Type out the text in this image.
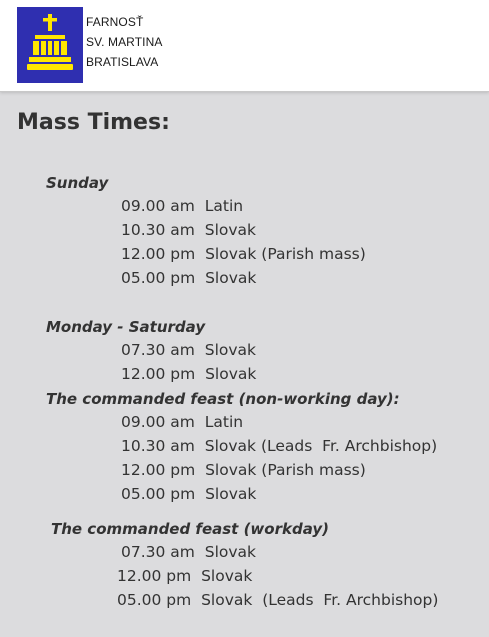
FARNOSŤ
SV. MARTINA
BRATISLAVA
Mass Times:
Sunday
09.00 am  Latin
10.30 am  Slovak
12.00 pm  Slovak (Parish mass)
05.00 pm  Slovak
Monday - Saturday
07.30 am  Slovak
12.00 pm  Slovak
The commanded feast (non-working day):
09.00 am  Latin
10.30 am  Slovak (Leads  Fr. Archbishop)
12.00 pm  Slovak (Parish mass)
05.00 pm  Slovak
The commanded feast (workday)
07.30 am  Slovak
12.00 pm  Slovak
05.00 pm  Slovak  (Leads  Fr. Archbishop)
